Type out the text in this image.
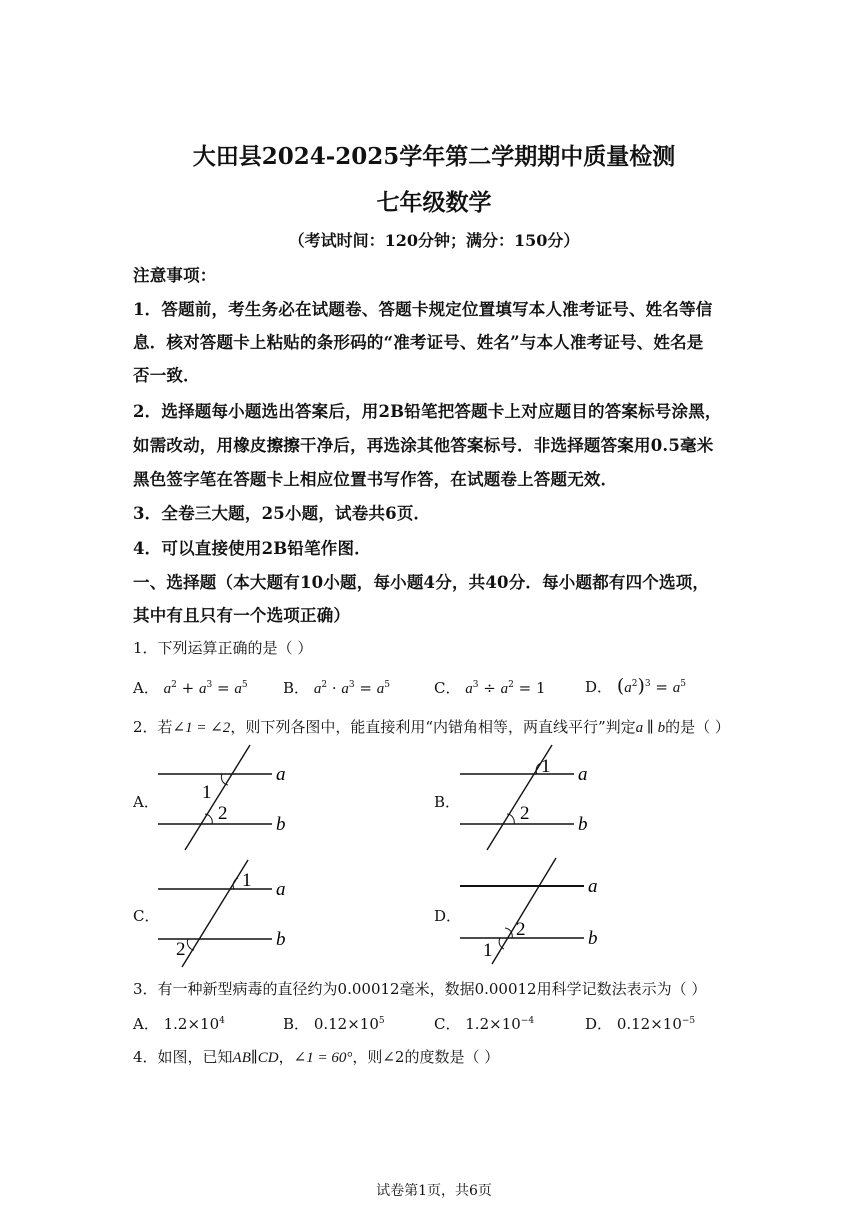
大田县2024-2025学年第二学期期中质量检测
七年级数学
（考试时间：120分钟；满分：150分）
注意事项：
1．答题前，考生务必在试题卷、答题卡规定位置填写本人准考证号、姓名等信
息．核对答题卡上粘贴的条形码的“准考证号、姓名”与本人准考证号、姓名是
否一致．
2．选择题每小题选出答案后，用2B铅笔把答题卡上对应题目的答案标号涂黑，
如需改动，用橡皮擦擦干净后，再选涂其他答案标号．非选择题答案用0.5毫米
黑色签字笔在答题卡上相应位置书写作答，在试题卷上答题无效．
3．全卷三大题，25小题，试卷共6页．
4．可以直接使用2B铅笔作图．
一、选择题（本大题有10小题，每小题4分，共40分．每小题都有四个选项，
其中有且只有一个选项正确）
1．下列运算正确的是（ ）
A． $a^2 + a^3 = a^5$ B． $a^2 \cdot a^3 = a^5$	C． $a^3 \div a^2 = 1$	D． $(a^2)^3 = a^5$
2．若∠1 = ∠2，则下列各图中，能直接利用“内错角相等，两直线平行”判定a ∥ b的是（ ）
A．
a
b
1
2
B．
1
2
a
b
C．
1
2
a
b
D．
2
1
a
b
3．有一种新型病毒的直径约为0.00012毫米，数据0.00012用科学记数法表示为（ ）
A． $1.2\times 10^4$	B． $0.12\times 10^5$	C． $1.2\times 10^{-4}$	D． $0.12\times 10^{-5}$
4．如图，已知AB∥CD，∠1 = 60°，则∠2的度数是（ ）
试卷第1页，共6页
